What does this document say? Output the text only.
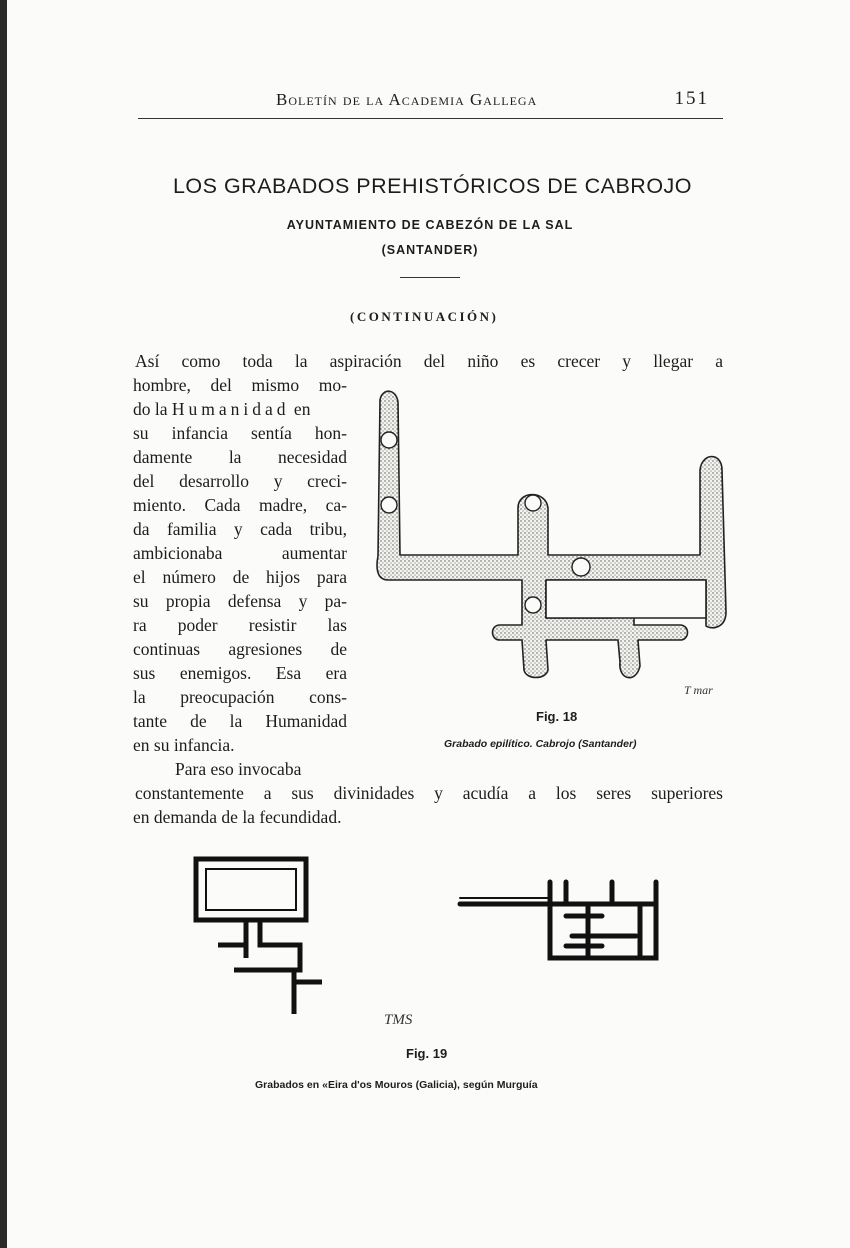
Boletín de la Academia Gallega	151
LOS GRABADOS PREHISTÓRICOS DE CABROJO
AYUNTAMIENTO DE CABEZÓN DE LA SAL
(SANTANDER)
(CONTINUACIÓN)
Así como toda la aspiración del niño es crecer y llegar a
hombre, del mismo mo-
do la Humanidad en
su infancia sentía hon-
damente la necesidad
del desarrollo y creci-
miento. Cada madre, ca-
da familia y cada tribu,
ambicionaba aumentar
el número de hijos para
su propia defensa y pa-
ra poder resistir las
continuas agresiones de
sus enemigos. Esa era
la preocupación cons-
tante de la Humanidad
en su infancia.
Para eso invocaba
constantemente a sus divinidades y acudía a los seres superiores
en demanda de la fecundidad.
Fig. 18
Grabado epilítico. Cabrojo (Santander)
T mar
Fig. 19
Grabados en «Eira d'os Mouros (Galicia), según Murguía
TMS
